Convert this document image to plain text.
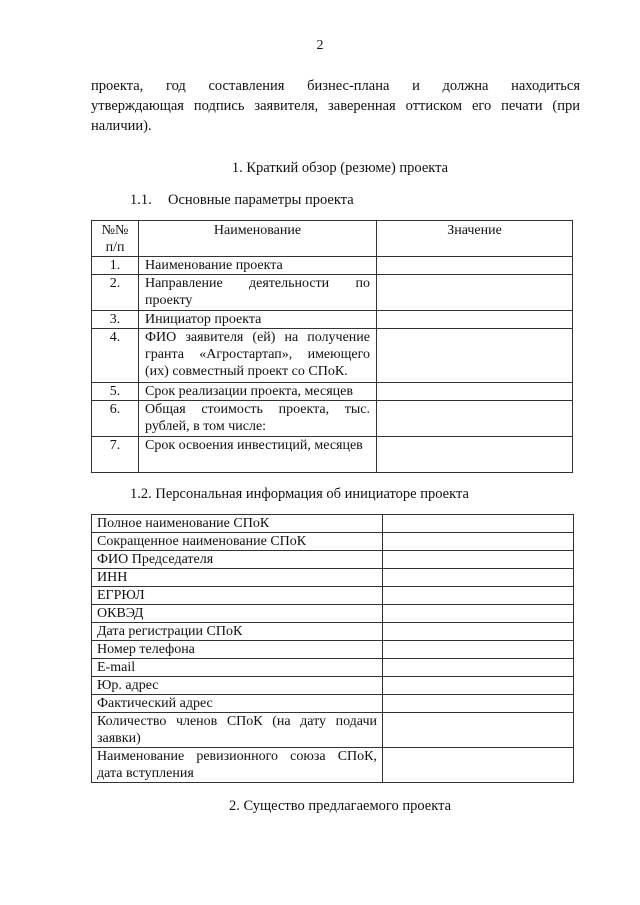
2
проекта, год составления бизнес-плана и должна находиться
утверждающая подпись заявителя, заверенная оттиском его печати (при
наличии).
1. Краткий обзор (резюме) проекта
1.1. Основные параметры проекта
№№ п/п	Наименование	Значение
1.	Наименование проекта	
2.	Направление деятельности по проекту	
3.	Инициатор проекта	
4.	ФИО заявителя (ей) на получение гранта «Агростартап», имеющего (их) совместный проект со СПоК.	
5.	Срок реализации проекта, месяцев	
6.	Общая стоимость проекта, тыс. рублей, в том числе:	
7.	Срок освоения инвестиций, месяцев	
1.2. Персональная информация об инициаторе проекта
Полное наименование СПоК	
Сокращенное наименование СПоК	
ФИО Председателя	
ИНН	
ЕГРЮЛ	
ОКВЭД	
Дата регистрации СПоК	
Номер телефона	
E-mail	
Юр. адрес	
Фактический адрес	
Количество членов СПоК (на дату подачи заявки)	
Наименование ревизионного союза СПоК, дата вступления	
2. Существо предлагаемого проекта
